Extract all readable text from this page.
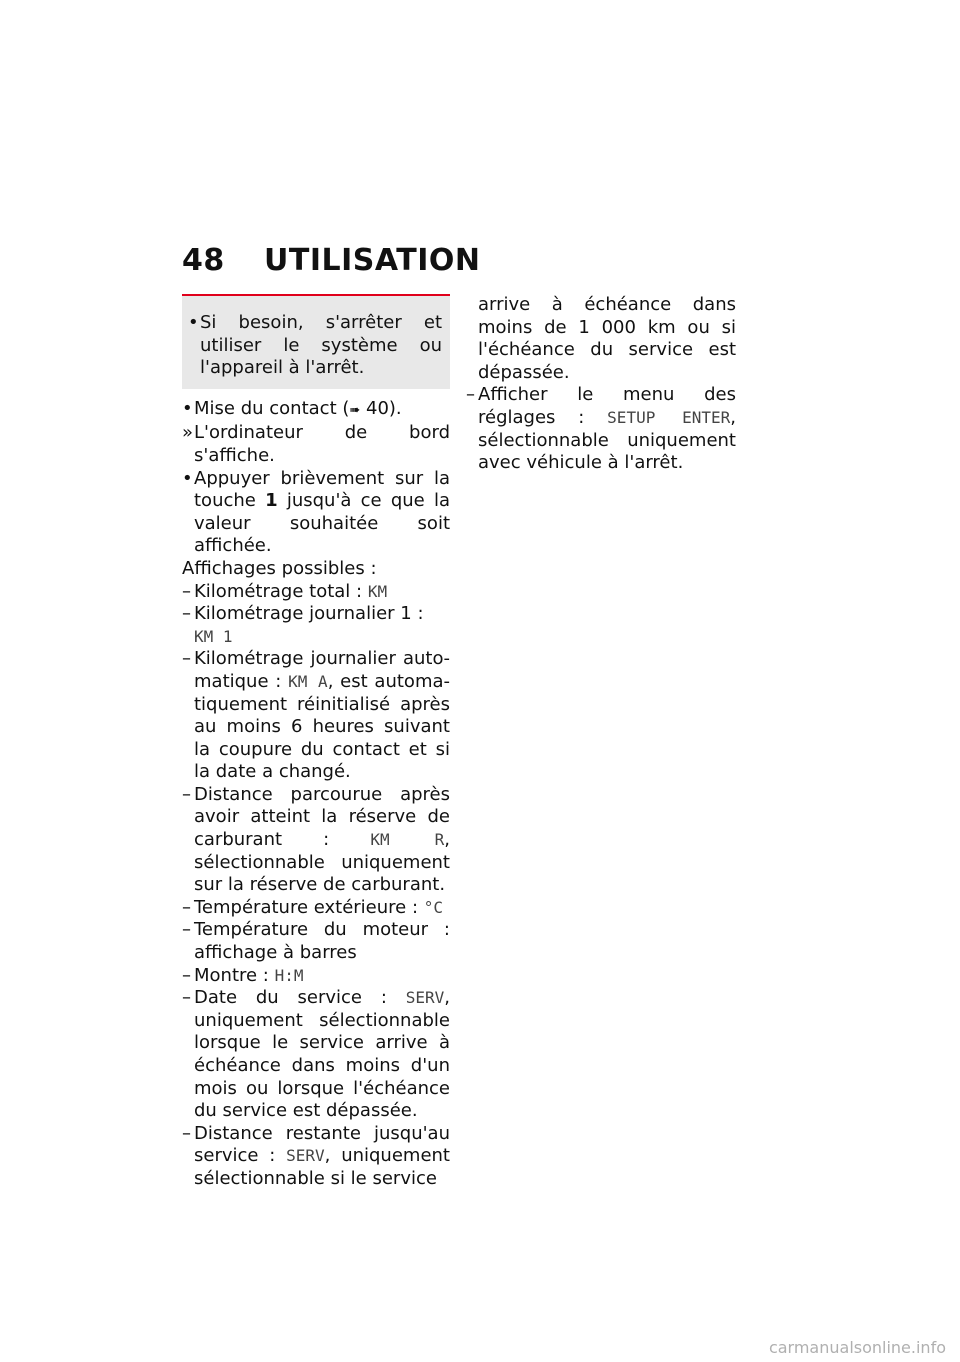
48	UTILISATION
• Si besoin, s'arrêter et utiliser le système ou l'appareil à l'arrêt.
• Mise du contact (➠ 40).
» L'ordinateur de bord s'affiche.
• Appuyer brièvement sur la touche 1 jusqu'à ce que la valeur souhaitée soit affichée.
Affichages possibles :
– Kilométrage total : KM
– Kilométrage journalier 1 :
KM 1
– Kilométrage journalier automatique : KM A, est automatiquement réinitialisé après au moins 6 heures suivant la coupure du contact et si la date a changé.
– Distance parcourue après avoir atteint la réserve de carburant : KM R, sélectionnable uniquement sur la réserve de carburant.
– Température extérieure : °C
– Température du moteur : affichage à barres
– Montre : H:M
– Date du service : SERV, uniquement sélectionnable lorsque le service arrive à échéance dans moins d'un mois ou lorsque l'échéance du service est dépassée.
– Distance restante jusqu'au service : SERV, uniquement sélectionnable si le service
arrive à échéance dans moins de 1 000 km ou si l'échéance du service est dépassée.
– Afficher le menu des réglages : SETUP ENTER, sélectionnable uniquement avec véhicule à l'arrêt.
carmanualsonline.info
